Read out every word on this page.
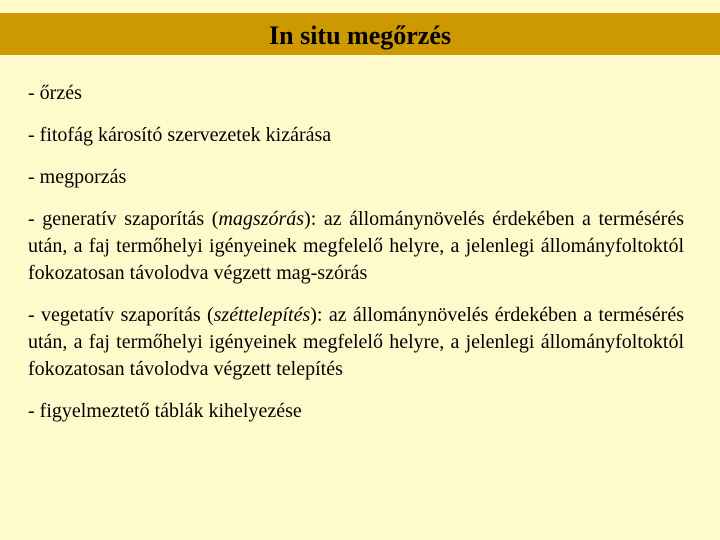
In situ megőrzés

- őrzés

- fitofág károsító szervezetek kizárása

- megporzás

- generatív szaporítás (magszórás): az állománynövelés érdekében a termésérés után, a faj termőhelyi igényeinek megfelelő helyre, a jelenlegi állományfoltoktól fokozatosan távolodva végzett mag-szórás

- vegetatív szaporítás (széttelepítés): az állománynövelés érdekében a termésérés után, a faj termőhelyi igényeinek megfelelő helyre, a jelenlegi állományfoltoktól fokozatosan távolodva végzett telepítés

- figyelmeztető táblák kihelyezése
